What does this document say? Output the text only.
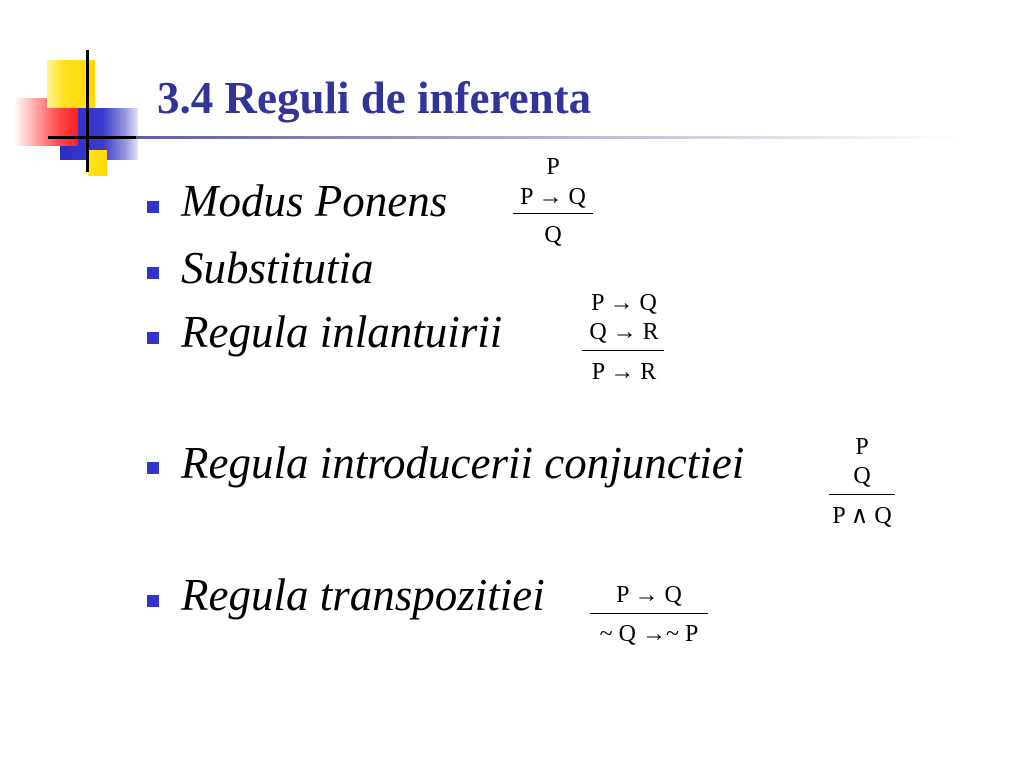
3.4 Reguli de inferenta
Modus Ponens
Substitutia
Regula inlantuirii
Regula introducerii conjunctiei
Regula transpozitiei
P
P → Q
Q
P → Q
Q → R
P → R
P
Q
P ∧ Q
P → Q
~ Q →~ P
